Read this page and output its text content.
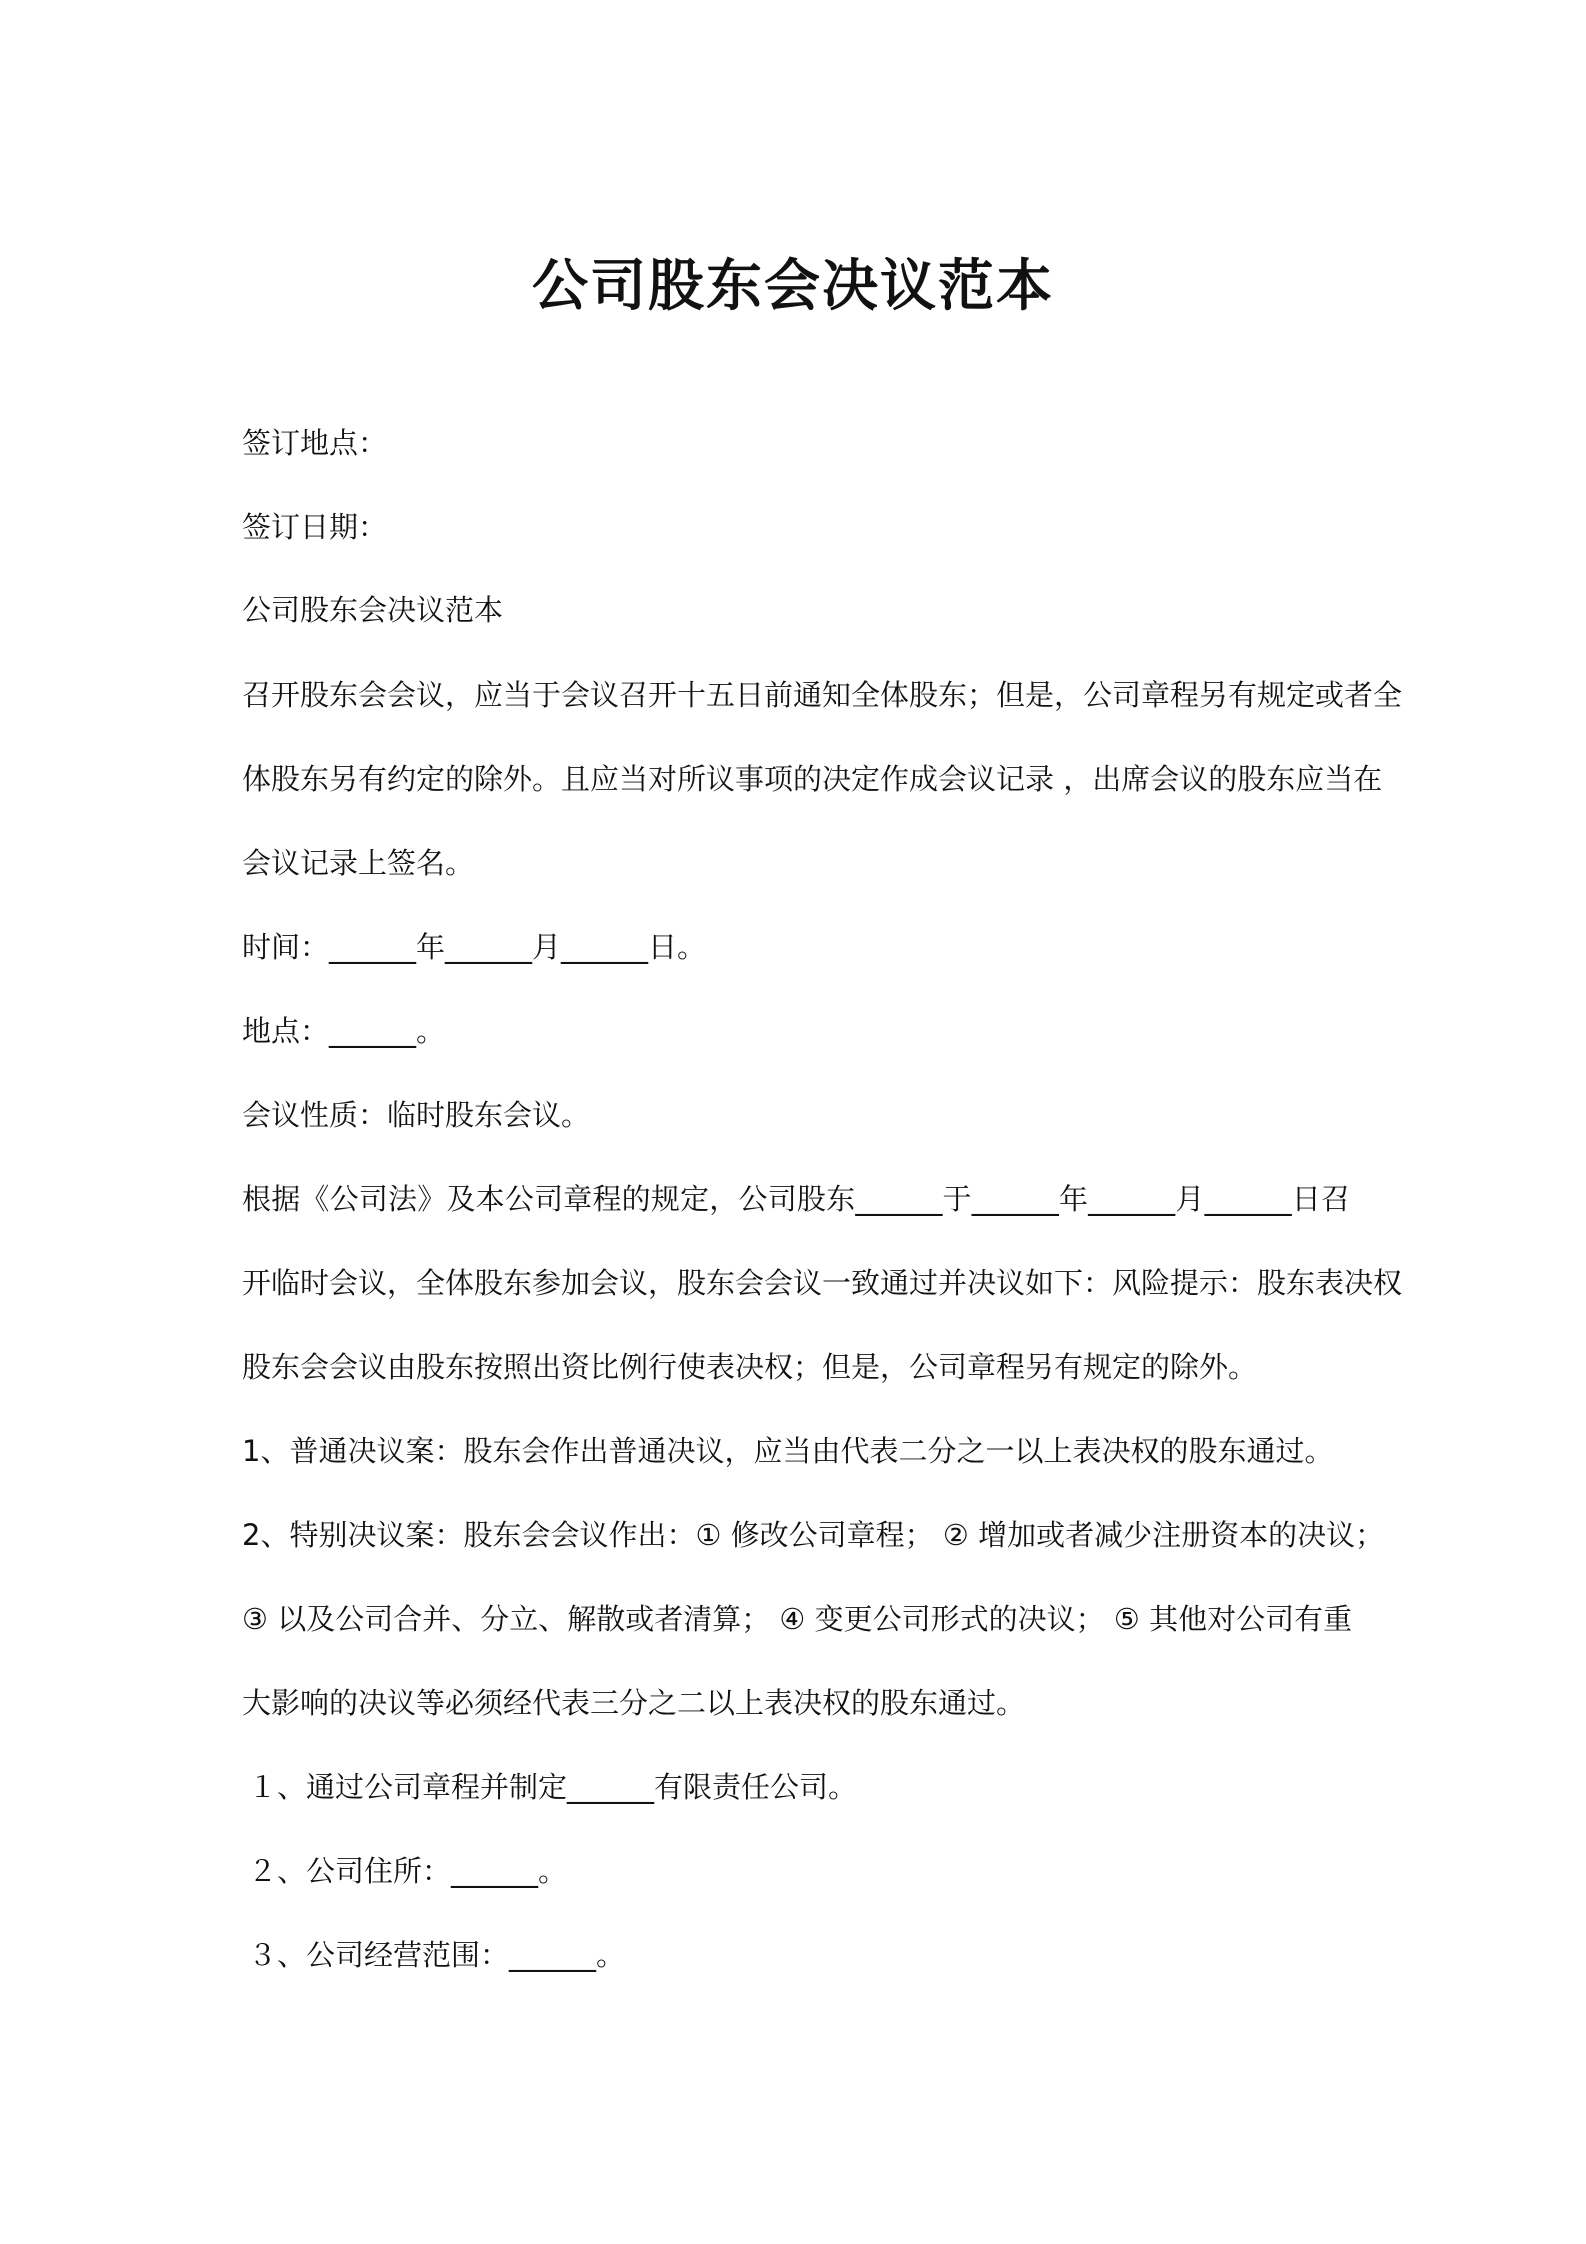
公司股东会决议范本
签订地点：
签订日期：
公司股东会决议范本
召开股东会会议，应当于会议召开十五日前通知全体股东；但是，公司章程另有规定或者全
体股东另有约定的除外。且应当对所议事项的决定作成会议记录 ，出席会议的股东应当在
会议记录上签名。
时间：______年______月______日。
地点：______。
会议性质：临时股东会议。
根据《公司法》及本公司章程的规定，公司股东______于______年______月______日召
开临时会议，全体股东参加会议，股东会会议一致通过并决议如下：风险提示：股东表决权
股东会会议由股东按照出资比例行使表决权；但是，公司章程另有规定的除外。
1、普通决议案：股东会作出普通决议，应当由代表二分之一以上表决权的股东通过。
2、特别决议案：股东会会议作出：① 修改公司章程； ② 增加或者减少注册资本的决议；
③ 以及公司合并、分立、解散或者清算； ④ 变更公司形式的决议； ⑤ 其他对公司有重
大影响的决议等必须经代表三分之二以上表决权的股东通过。
１、通过公司章程并制定______有限责任公司。
２、公司住所：______。
３、公司经营范围：______。
